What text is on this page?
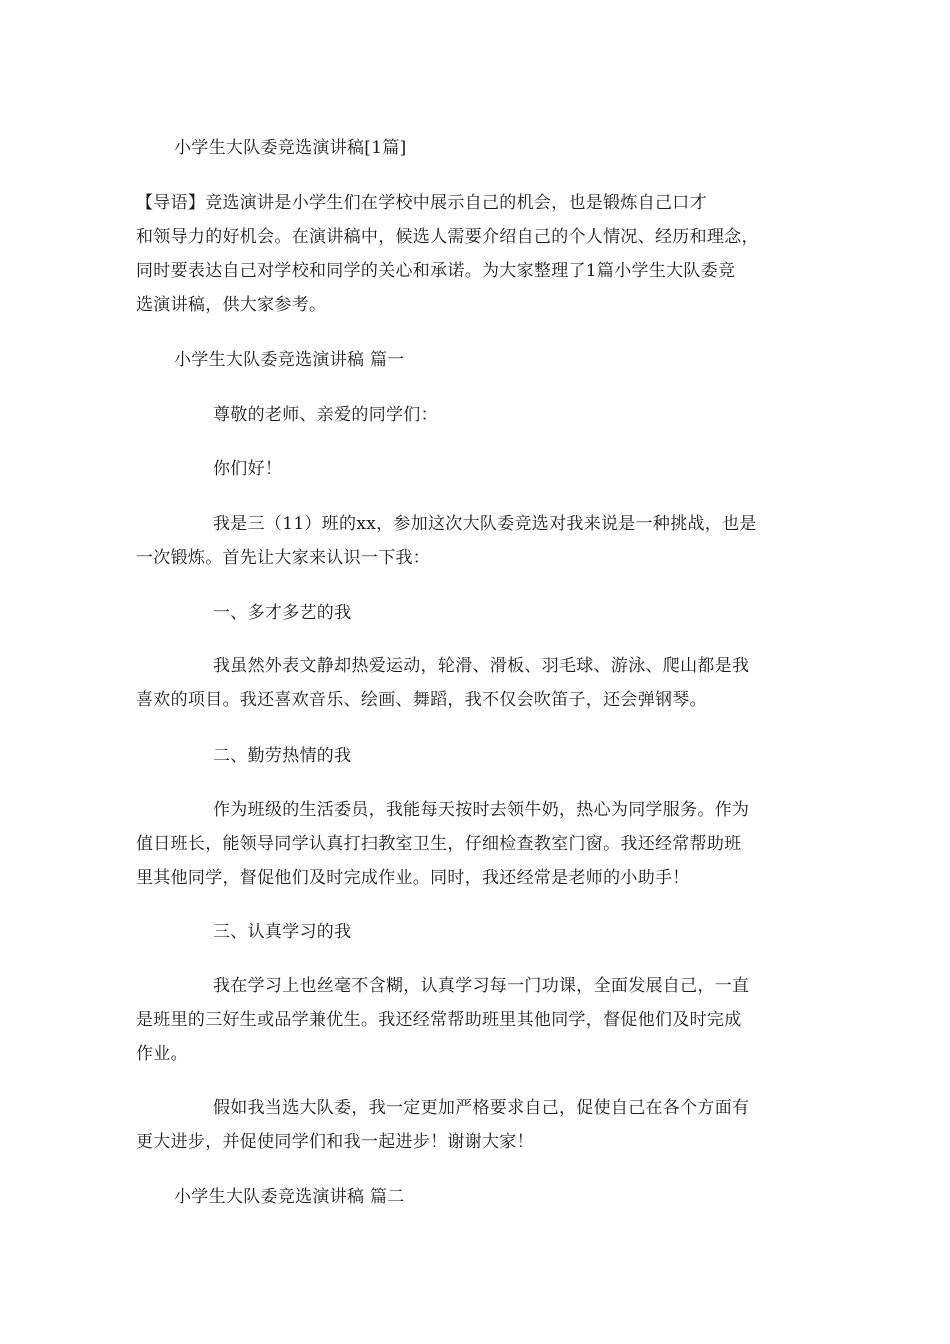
小学生大队委竞选演讲稿[1篇]
【导语】竞选演讲是小学生们在学校中展示自己的机会，也是锻炼自己口才
和领导力的好机会。在演讲稿中，候选人需要介绍自己的个人情况、经历和理念，
同时要表达自己对学校和同学的关心和承诺。为大家整理了1篇小学生大队委竞
选演讲稿，供大家参考。
小学生大队委竞选演讲稿 篇一
尊敬的老师、亲爱的同学们：
你们好！
我是三（11）班的xx，参加这次大队委竞选对我来说是一种挑战，也是
一次锻炼。首先让大家来认识一下我：
一、多才多艺的我
我虽然外表文静却热爱运动，轮滑、滑板、羽毛球、游泳、爬山都是我
喜欢的项目。我还喜欢音乐、绘画、舞蹈，我不仅会吹笛子，还会弹钢琴。
二、勤劳热情的我
作为班级的生活委员，我能每天按时去领牛奶，热心为同学服务。作为
值日班长，能领导同学认真打扫教室卫生，仔细检查教室门窗。我还经常帮助班
里其他同学，督促他们及时完成作业。同时，我还经常是老师的小助手！
三、认真学习的我
我在学习上也丝毫不含糊，认真学习每一门功课，全面发展自己，一直
是班里的三好生或品学兼优生。我还经常帮助班里其他同学，督促他们及时完成
作业。
假如我当选大队委，我一定更加严格要求自己，促使自己在各个方面有
更大进步，并促使同学们和我一起进步！谢谢大家！
小学生大队委竞选演讲稿 篇二
